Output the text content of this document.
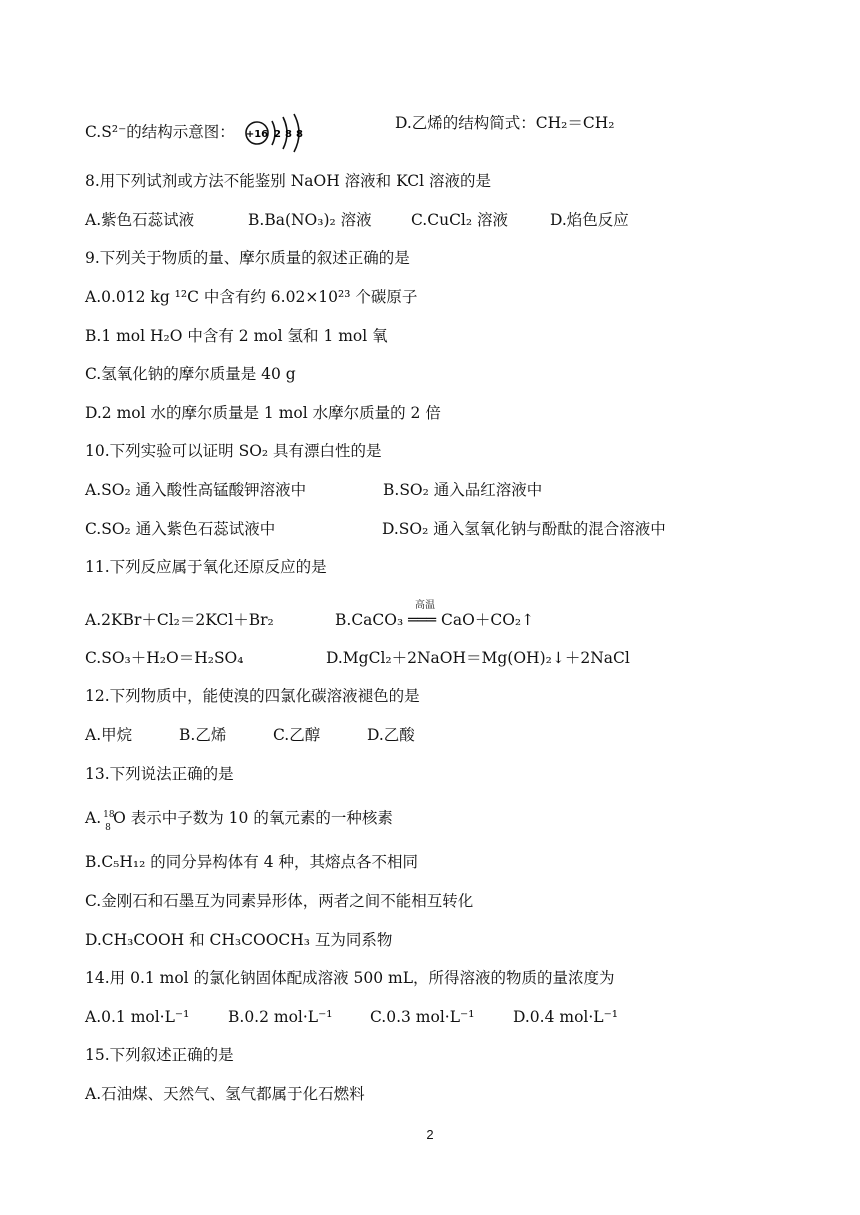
C.S²⁻的结构示意图： +16 2 8 8
D.乙烯的结构简式：CH₂＝CH₂
8.用下列试剂或方法不能鉴别 NaOH 溶液和 KCl 溶液的是
A.紫色石蕊试液	B.Ba(NO₃)₂ 溶液	C.CuCl₂ 溶液	D.焰色反应
9.下列关于物质的量、摩尔质量的叙述正确的是
A.0.012 kg ¹²C 中含有约 6.02×10²³ 个碳原子
B.1 mol H₂O 中含有 2 mol 氢和 1 mol 氧
C.氢氧化钠的摩尔质量是 40 g
D.2 mol 水的摩尔质量是 1 mol 水摩尔质量的 2 倍
10.下列实验可以证明 SO₂ 具有漂白性的是
A.SO₂ 通入酸性高锰酸钾溶液中	B.SO₂ 通入品红溶液中
C.SO₂ 通入紫色石蕊试液中	D.SO₂ 通入氢氧化钠与酚酞的混合溶液中
11.下列反应属于氧化还原反应的是
A.2KBr＋Cl₂＝2KCl＋Br₂	B.CaCO₃ ═══ CaO＋CO₂↑
高温
C.SO₃＋H₂O＝H₂SO₄	D.MgCl₂＋2NaOH＝Mg(OH)₂↓＋2NaCl
12.下列物质中，能使溴的四氯化碳溶液褪色的是
A.甲烷	B.乙烯	C.乙醇	D.乙酸
13.下列说法正确的是
A. 18
8
O 表示中子数为 10 的氧元素的一种核素
B.C₅H₁₂ 的同分异构体有 4 种，其熔点各不相同
C.金刚石和石墨互为同素异形体，两者之间不能相互转化
D.CH₃COOH 和 CH₃COOCH₃ 互为同系物
14.用 0.1 mol 的氯化钠固体配成溶液 500 mL，所得溶液的物质的量浓度为
A.0.1 mol·L⁻¹ B.0.2 mol·L⁻¹ C.0.3 mol·L⁻¹ D.0.4 mol·L⁻¹
15.下列叙述正确的是
A.石油煤、天然气、氢气都属于化石燃料
2
